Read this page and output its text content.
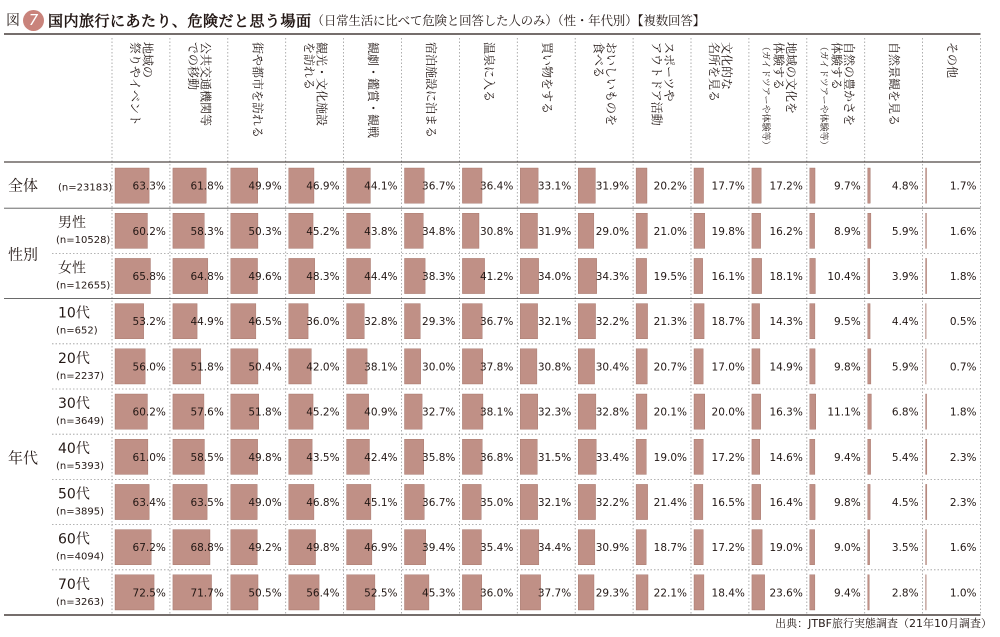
図 7 国内旅行にあたり、危険だと思う場面 （日常生活に比べて危険と回答した人のみ）（性・年代別）【複数回答】
地域の
祭りやイベント	公共交通機関等
での移動	街や都市を訪れる	観光・文化施設
を訪れる	観劇・鑑賞・観戦	宿泊施設に泊まる	温泉に入る	買い物をする	おいしいものを
食べる	スポーツや
アウトドア活動	文化的な
名所を見る	地域の文化を
体験する
（ガイドツアーや体験等）	自然の豊かさを
体験する
（ガイドツアーや体験等）	自然景観を見る	その他
性別
年代
全体 (n=23183) 63.3% 61.8% 49.9% 46.9% 44.1% 36.7% 36.4% 33.1% 31.9% 20.2% 17.7% 17.2%	9.7%	4.8%	1.7%
男性
(n=10528)
60.2% 58.3% 50.3% 45.2% 43.8% 34.8% 30.8% 31.9% 29.0% 21.0% 19.8% 16.2%	8.9%	5.9%	1.6%
女性
(n=12655)
65.8% 64.8% 49.6% 48.3% 44.4% 38.3% 41.2% 34.0% 34.3% 19.5% 16.1% 18.1% 10.4%	3.9%	1.8%
10代
(n=652)
53.2% 44.9% 46.5% 36.0% 32.8% 29.3% 36.7% 32.1% 32.2% 21.3% 18.7% 14.3%	9.5%	4.4%	0.5%
20代
(n=2237)
56.0% 51.8% 50.4% 42.0% 38.1% 30.0% 37.8% 30.8% 30.4% 20.7% 17.0% 14.9%	9.8%	5.9%	0.7%
30代
(n=3649)
60.2% 57.6% 51.8% 45.2% 40.9% 32.7% 38.1% 32.3% 32.8% 20.1% 20.0% 16.3% 11.1%	6.8%	1.8%
40代
(n=5393)
61.0% 58.5% 49.8% 43.5% 42.4% 35.8% 36.8% 31.5% 33.4% 19.0% 17.2% 14.6%	9.4%	5.4%	2.3%
50代
(n=3895)
63.4% 63.5% 49.0% 46.8% 45.1% 36.7% 35.0% 32.1% 32.2% 21.4% 16.5% 16.4%	9.8%	4.5%	2.3%
60代
(n=4094)
67.2% 68.8% 49.2% 49.8% 46.9% 39.4% 35.4% 34.4% 30.9% 18.7% 17.2% 19.0%	9.0%	3.5%	1.6%
70代
(n=3263)
72.5% 71.7% 50.5% 56.4% 52.5% 45.3% 36.0% 37.7% 29.3% 22.1% 18.4% 23.6%	9.4%	2.8%	1.0%
出典：JTBF旅行実態調査（21年10月調査）
